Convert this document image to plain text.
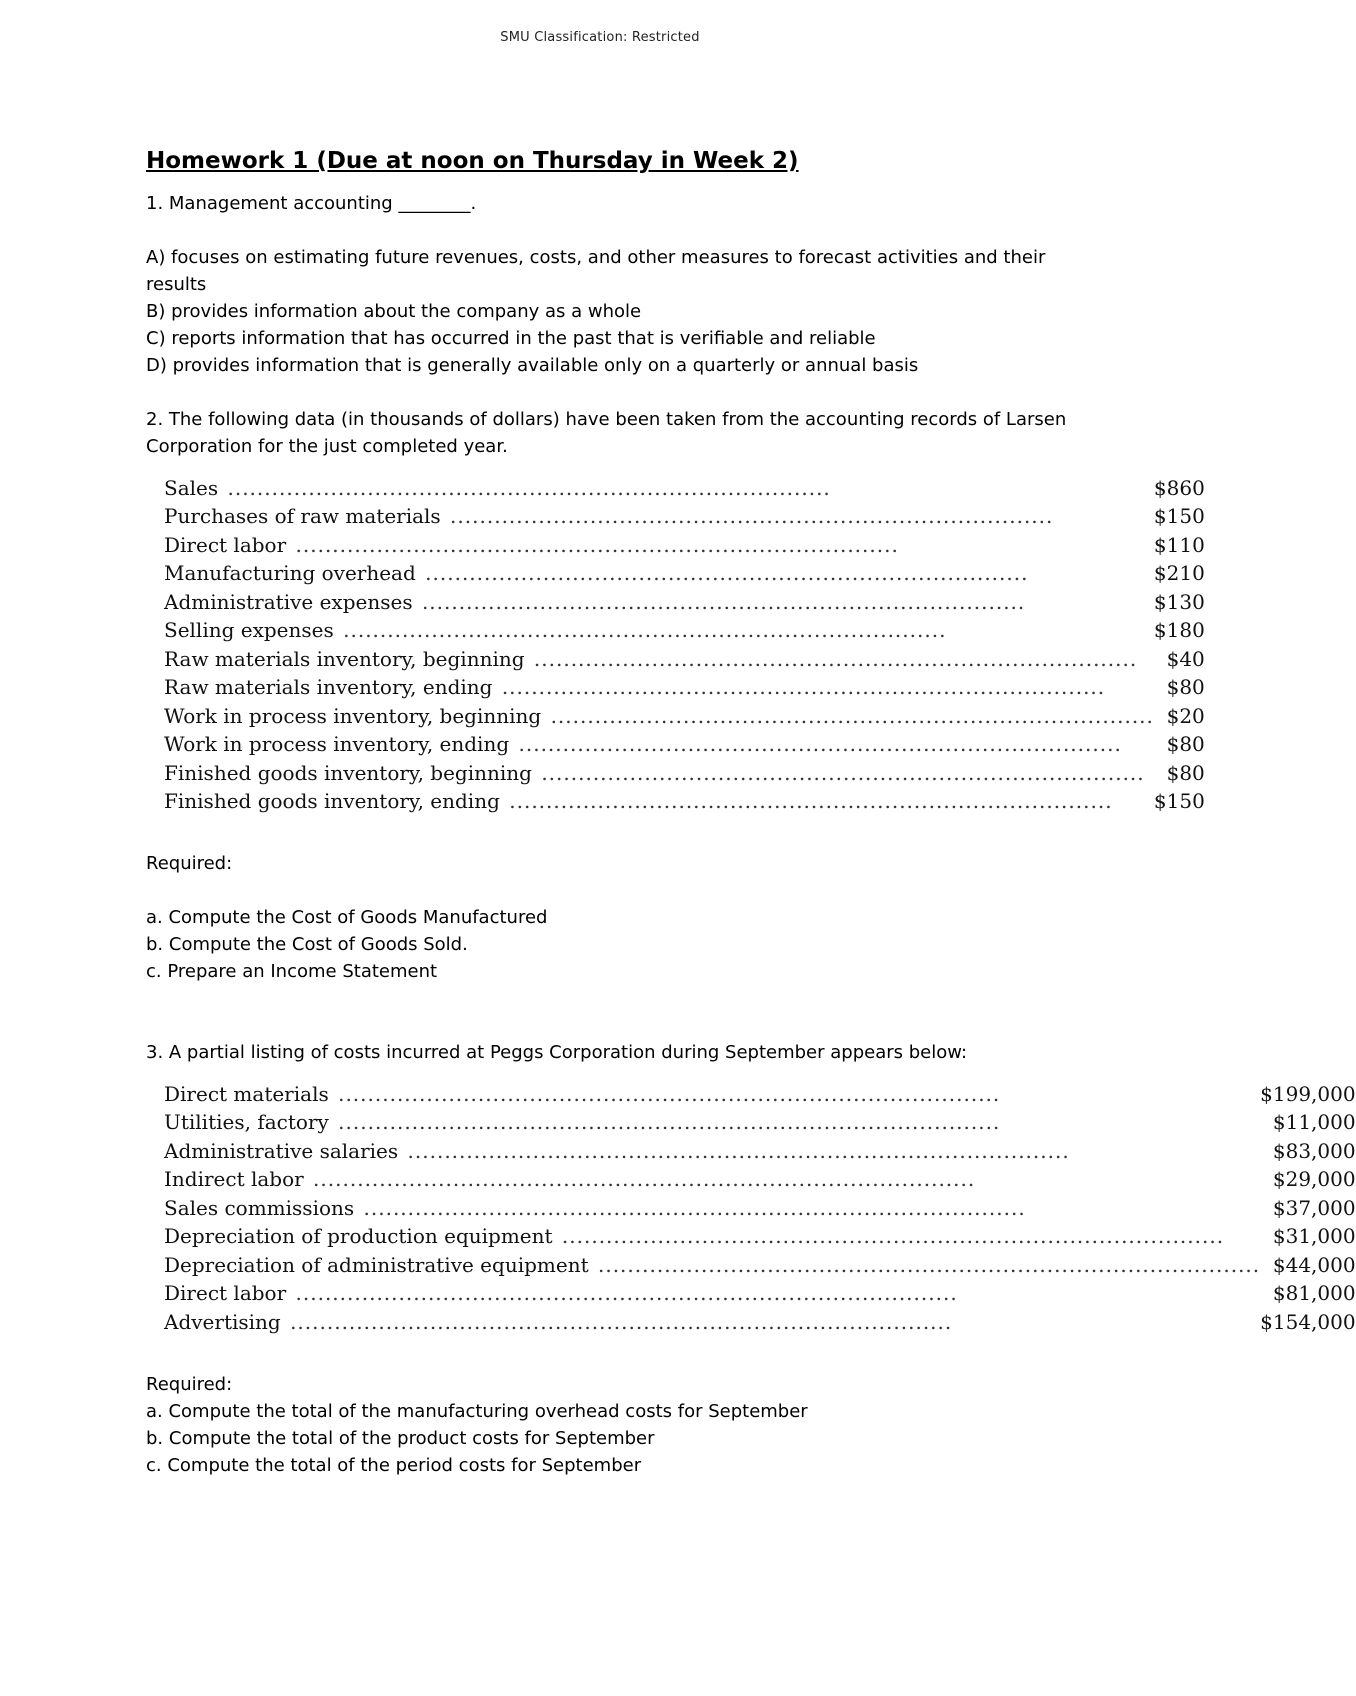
SMU Classification: Restricted
Homework 1 (Due at noon on Thursday in Week 2)

1. Management accounting ________.

A) focuses on estimating future revenues, costs, and other measures to forecast activities and their results

B) provides information about the company as a whole

C) reports information that has occurred in the past that is verifiable and reliable

D) provides information that is generally available only on a quarterly or annual basis

2. The following data (in thousands of dollars) have been taken from the accounting records of Larsen Corporation for the just completed year.

Sales ..................................................................................	$860
Purchases of raw materials ..................................................................................	$150
Direct labor ..................................................................................	$110
Manufacturing overhead ..................................................................................	$210
Administrative expenses ..................................................................................	$130
Selling expenses ..................................................................................	$180
Raw materials inventory, beginning ..................................................................................	$40
Raw materials inventory, ending ..................................................................................	$80
Work in process inventory, beginning ..................................................................................	$20
Work in process inventory, ending ..................................................................................	$80
Finished goods inventory, beginning ..................................................................................	$80
Finished goods inventory, ending ..................................................................................	$150

Required:

a. Compute the Cost of Goods Manufactured

b. Compute the Cost of Goods Sold.

c. Prepare an Income Statement

3. A partial listing of costs incurred at Peggs Corporation during September appears below:

Direct materials ..........................................................................................	$199,000
Utilities, factory ..........................................................................................	$11,000
Administrative salaries ..........................................................................................	$83,000
Indirect labor ..........................................................................................	$29,000
Sales commissions ..........................................................................................	$37,000
Depreciation of production equipment ..........................................................................................	$31,000
Depreciation of administrative equipment ..........................................................................................	$44,000
Direct labor ..........................................................................................	$81,000
Advertising ..........................................................................................	$154,000

Required:

a. Compute the total of the manufacturing overhead costs for September

b. Compute the total of the product costs for September

c. Compute the total of the period costs for September
